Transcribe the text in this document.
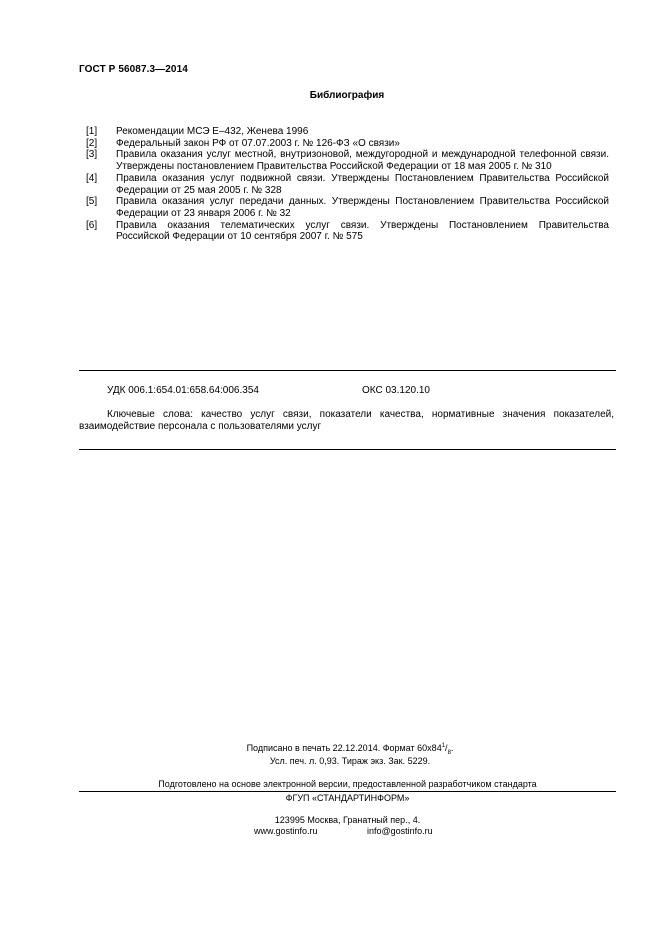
ГОСТ Р 56087.3—2014
Библиография
[1]	Рекомендации МСЭ Е–432, Женева 1996
[2]	Федеральный закон РФ от 07.07.2003 г. № 126-ФЗ «О связи»
[3]	Правила оказания услуг местной, внутризоновой, междугородной и международной телефонной связи. Утверждены постановлением Правительства Российской Федерации от 18 мая 2005 г. № 310
[4]	Правила оказания услуг подвижной связи. Утверждены Постановлением Правительства Российской Федерации от 25 мая 2005 г. № 328
[5]	Правила оказания услуг передачи данных. Утверждены Постановлением Правительства Российской Федерации от 23 января 2006 г. № 32
[6]	Правила оказания телематических услуг связи. Утверждены Постановлением Правительства Российской Федерации от 10 сентября 2007 г. № 575
УДК 006.1:654.01:658.64:006.354	ОКС 03.120.10
Ключевые слова: качество услуг связи, показатели качества, нормативные значения показателей, взаимодействие персонала с пользователями услуг
Подписано в печать 22.12.2014. Формат $60х84^1/_8$.
Усл. печ. л. 0,93. Тираж экз. Зак. 5229.
Подготовлено на основе электронной версии, предоставленной разработчиком стандарта
ФГУП «СТАНДАРТИНФОРМ»
123995 Москва, Гранатный пер., 4.
www.gostinfo.ru	info@gostinfo.ru
